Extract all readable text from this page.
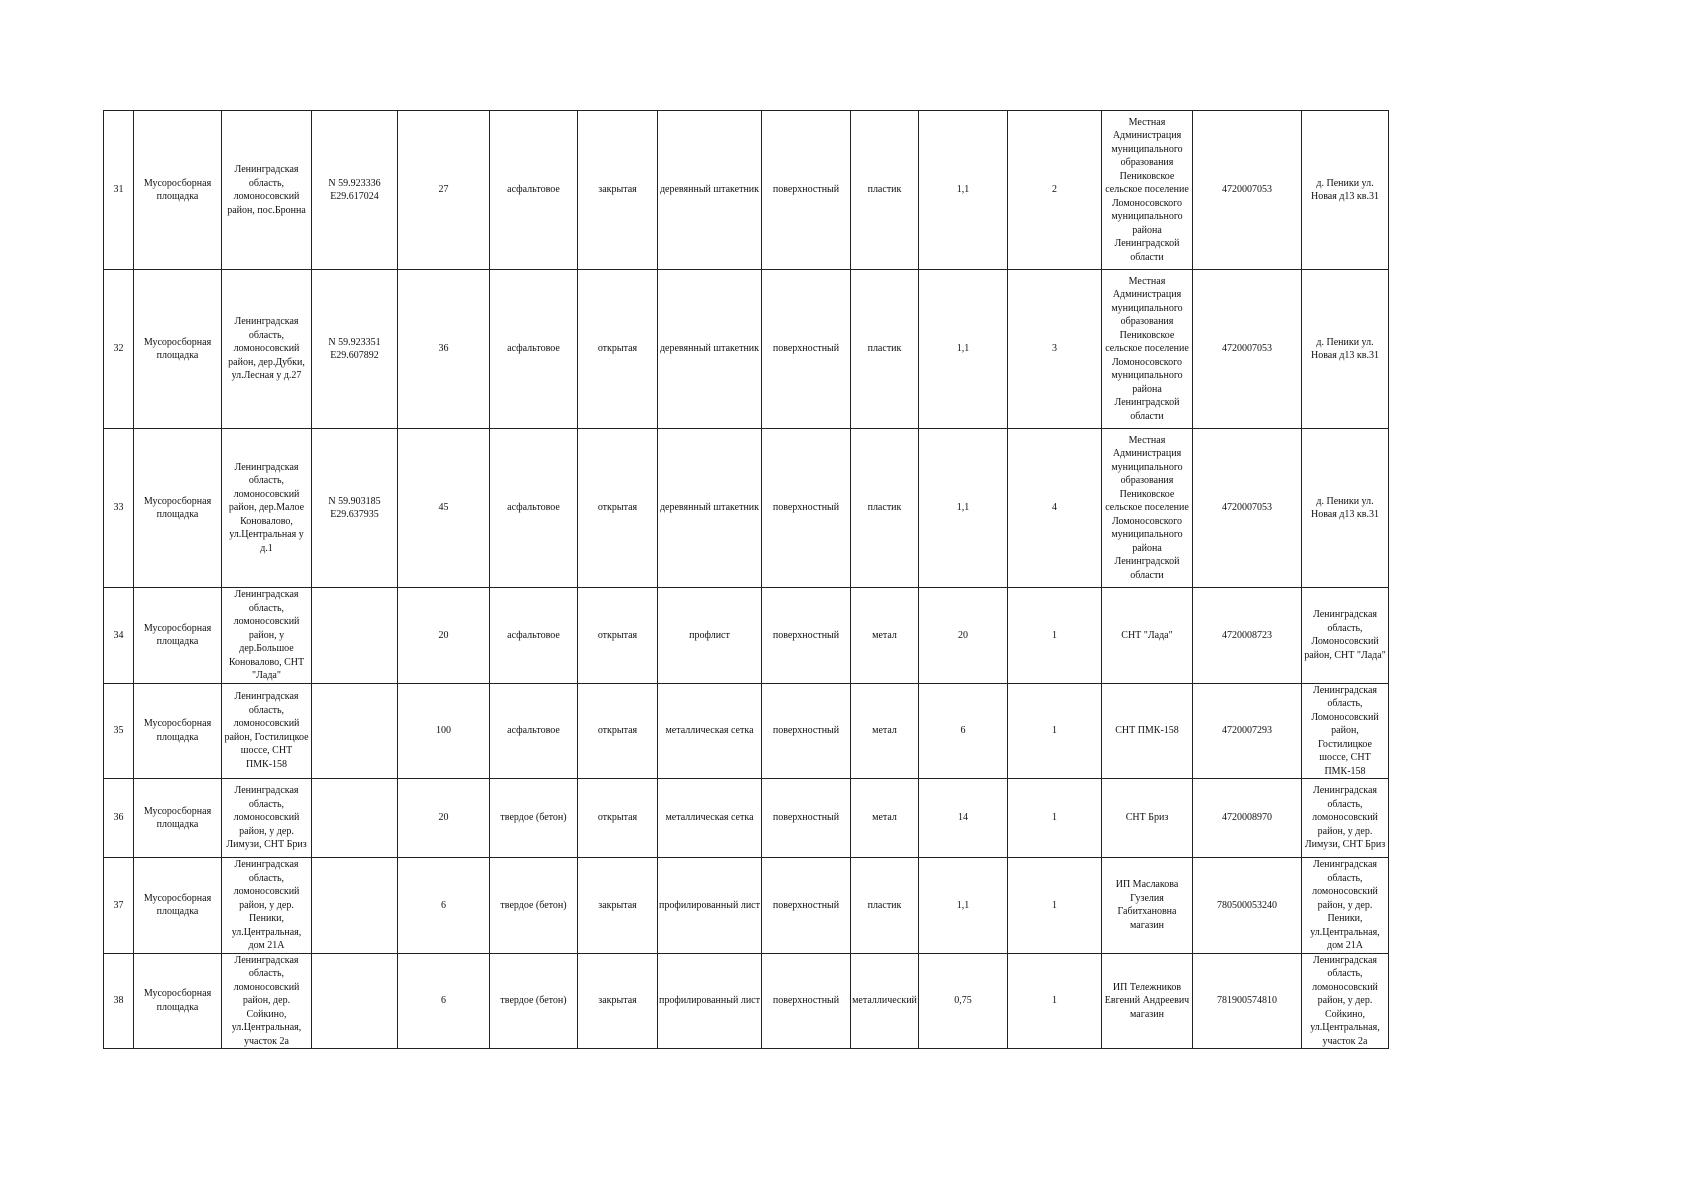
31	Мусоросборная площадка	Ленинградская область, ломоносовский район, пос.Бронна	N 59.923336 E29.617024	27	асфальтовое	закрытая	деревянный штакетник	поверхностный	пластик	1,1	2	Местная Администрация муниципального образования Пениковское сельское поселение Ломоносовского муниципального района Ленинградской области	4720007053	д. Пеники ул. Новая д13 кв.31
32	Мусоросборная площадка	Ленинградская область, ломоносовский район, дер.Дубки, ул.Лесная у д.27	N 59.923351 E29.607892	36	асфальтовое	открытая	деревянный штакетник	поверхностный	пластик	1,1	3	Местная Администрация муниципального образования Пениковское сельское поселение Ломоносовского муниципального района Ленинградской области	4720007053	д. Пеники ул. Новая д13 кв.31
33	Мусоросборная площадка	Ленинградская область, ломоносовский район, дер.Малое Коновалово, ул.Центральная у д.1	N 59.903185 E29.637935	45	асфальтовое	открытая	деревянный штакетник	поверхностный	пластик	1,1	4	Местная Администрация муниципального образования Пениковское сельское поселение Ломоносовского муниципального района Ленинградской области	4720007053	д. Пеники ул. Новая д13 кв.31
34	Мусоросборная площадка	Ленинградская область, ломоносовский район, у дер.Большое Коновалово, СНТ "Лада"		20	асфальтовое	открытая	профлист	поверхностный	метал	20	1	СНТ "Лада"	4720008723	Ленинградская область, Ломоносовский район, СНТ "Лада"
35	Мусоросборная площадка	Ленинградская область, ломоносовский район, Гостилицкое шоссе, СНТ ПМК-158		100	асфальтовое	открытая	металлическая сетка	поверхностный	метал	6	1	СНТ ПМК-158	4720007293	Ленинградская область, Ломоносовский район, Гостилицкое шоссе, СНТ ПМК-158
36	Мусоросборная площадка	Ленинградская область, ломоносовский район, у дер. Лимузи, СНТ Бриз		20	твердое (бетон)	открытая	металлическая сетка	поверхностный	метал	14	1	СНТ Бриз	4720008970	Ленинградская область, ломоносовский район, у дер. Лимузи, СНТ Бриз
37	Мусоросборная площадка	Ленинградская область, ломоносовский район, у дер. Пеники, ул.Центральная, дом 21А		6	твердое (бетон)	закрытая	профилированный лист	поверхностный	пластик	1,1	1	ИП Маслакова Гузелия Габитхановна магазин	780500053240	Ленинградская область, ломоносовский район, у дер. Пеники, ул.Центральная, дом 21А
38	Мусоросборная площадка	Ленинградская область, ломоносовский район, дер. Сойкино, ул.Центральная, участок 2а		6	твердое (бетон)	закрытая	профилированный лист	поверхностный	металлический	0,75	1	ИП Тележников Евгений Андреевич магазин	781900574810	Ленинградская область, ломоносовский район, у дер. Сойкино, ул.Центральная, участок 2а
